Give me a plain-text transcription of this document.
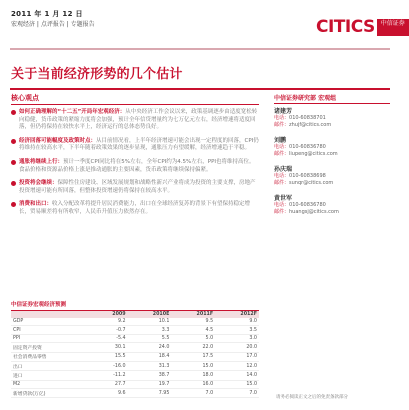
2011 年 1 月 12 日
宏观经济 | 点评报告 | 专题报告	CITICS 中信证券
关于当前经济形势的几个估计
核心观点
如何正确理解的“十二五”开局年宏观经济：从中央经济工作会议以来，政策基调逐步由适度宽松转向稳健，货币政策的紧缩力度将会加强，预计全年信贷增量约为七万亿元左右，经济增速将适度回落，但仍将保持在较快水平上，经济运行的总体态势良好。
经济回落可能幅度及政策时点：从目前情况看，上半年经济增速可能会出现一定程度的回落，CPI仍将维持在较高水平，下半年随着政策效果的逐步显现，通胀压力有望缓解，经济增速趋于平稳。
通胀将继续上行：预计一季度CPI同比将在5%左右，全年CPI约为4.5%左右，PPI也将维持高位。食品价格和资源品价格上涨是推动通胀的主要因素，货币政策将继续保持偏紧。
投资将会继续：保障性住房建设、区域发展规划和战略性新兴产业将成为投资的主要支撑，房地产投资增速可能有所回落，但整体投资增速仍将保持在较高水平。
消费和出口：收入分配改革将提升居民消费能力，出口在全球经济复苏的背景下有望保持稳定增长，贸易顺差将有所收窄，人民币升值压力依然存在。
中信证券宏观经济预测
	2009	2010E	2011F	2012F
GDP	9.2	10.1	9.5	9.0
CPI	-0.7	3.3	4.5	3.5
PPI	-5.4	5.5	5.0	3.0
固定资产投资	30.1	24.0	22.0	20.0
社会消费品零售	15.5	18.4	17.5	17.0
出口	-16.0	31.3	15.0	12.0
进口	-11.2	38.7	18.0	14.0
M2	27.7	19.7	16.0	15.0
新增贷款(万亿)	9.6	7.95	7.0	7.0
中信证券研究部 宏观组
诸建芳
电话：010-60838701
邮件：zhujf@citics.com
刘鹏
电话：010-60836780
邮件：liupeng@citics.com
孙庆瑞
电话：010-60838698
邮件：sunqr@citics.com
黄世军
电话：010-60836780
邮件：huangsj@citics.com
请务必阅读正文之后的免责条款部分
